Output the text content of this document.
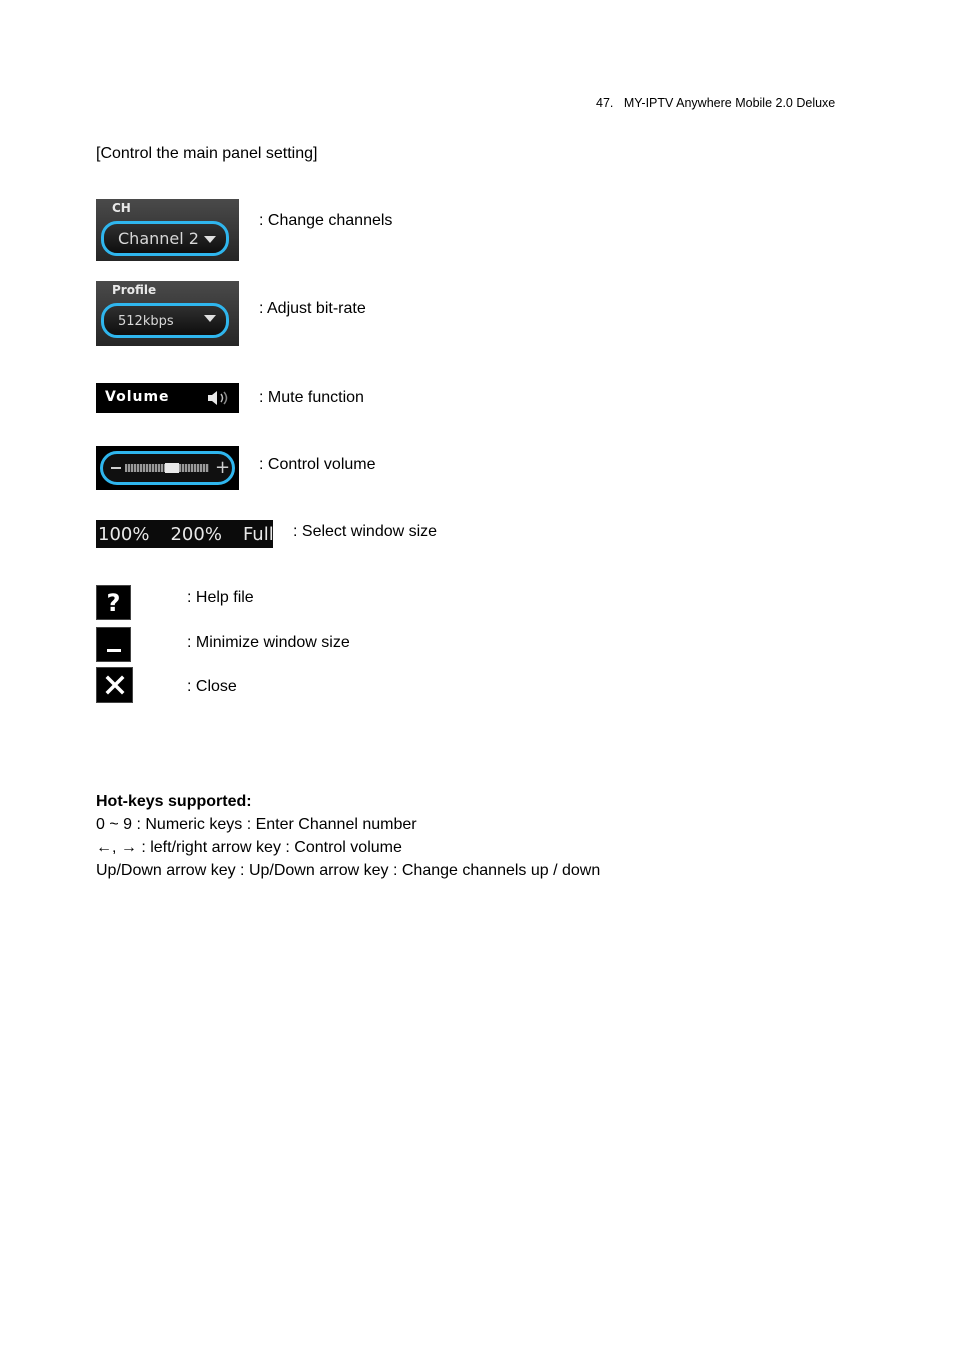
47. MY-IPTV Anywhere Mobile 2.0 Deluxe
[Control the main panel setting]
CH
Channel 2
: Change channels
Profile
512kbps
: Adjust bit-rate
Volume	: Mute function
+ : Control volume
100% 200% Full : Select window size
?	: Help file
: Minimize window size
: Close
Hot-keys supported:
0 ~ 9 : Numeric keys : Enter Channel number
←, → : left/right arrow key : Control volume
Up/Down arrow key : Up/Down arrow key : Change channels up / down
